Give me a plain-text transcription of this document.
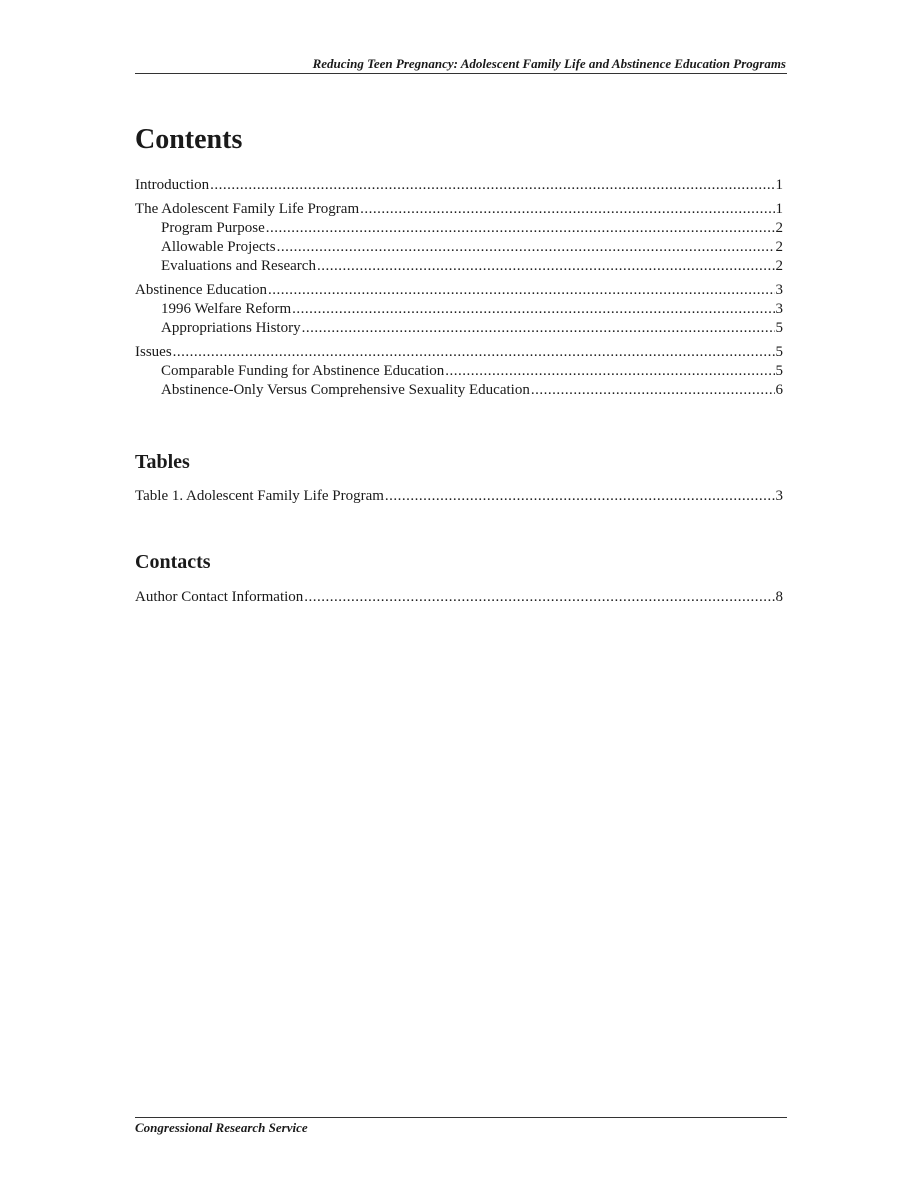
Reducing Teen Pregnancy: Adolescent Family Life and Abstinence Education Programs
Contents
Introduction .....	1
The Adolescent Family Life Program .....	1
Program Purpose .....	2
Allowable Projects .....	2
Evaluations and Research .....	2
Abstinence Education .....	3
1996 Welfare Reform .....	3
Appropriations History .....	5
Issues .....	5
Comparable Funding for Abstinence Education .....	5
Abstinence-Only Versus Comprehensive Sexuality Education .....	6
Tables
Table 1. Adolescent Family Life Program .....	3
Contacts
Author Contact Information .....	8
Congressional Research Service
